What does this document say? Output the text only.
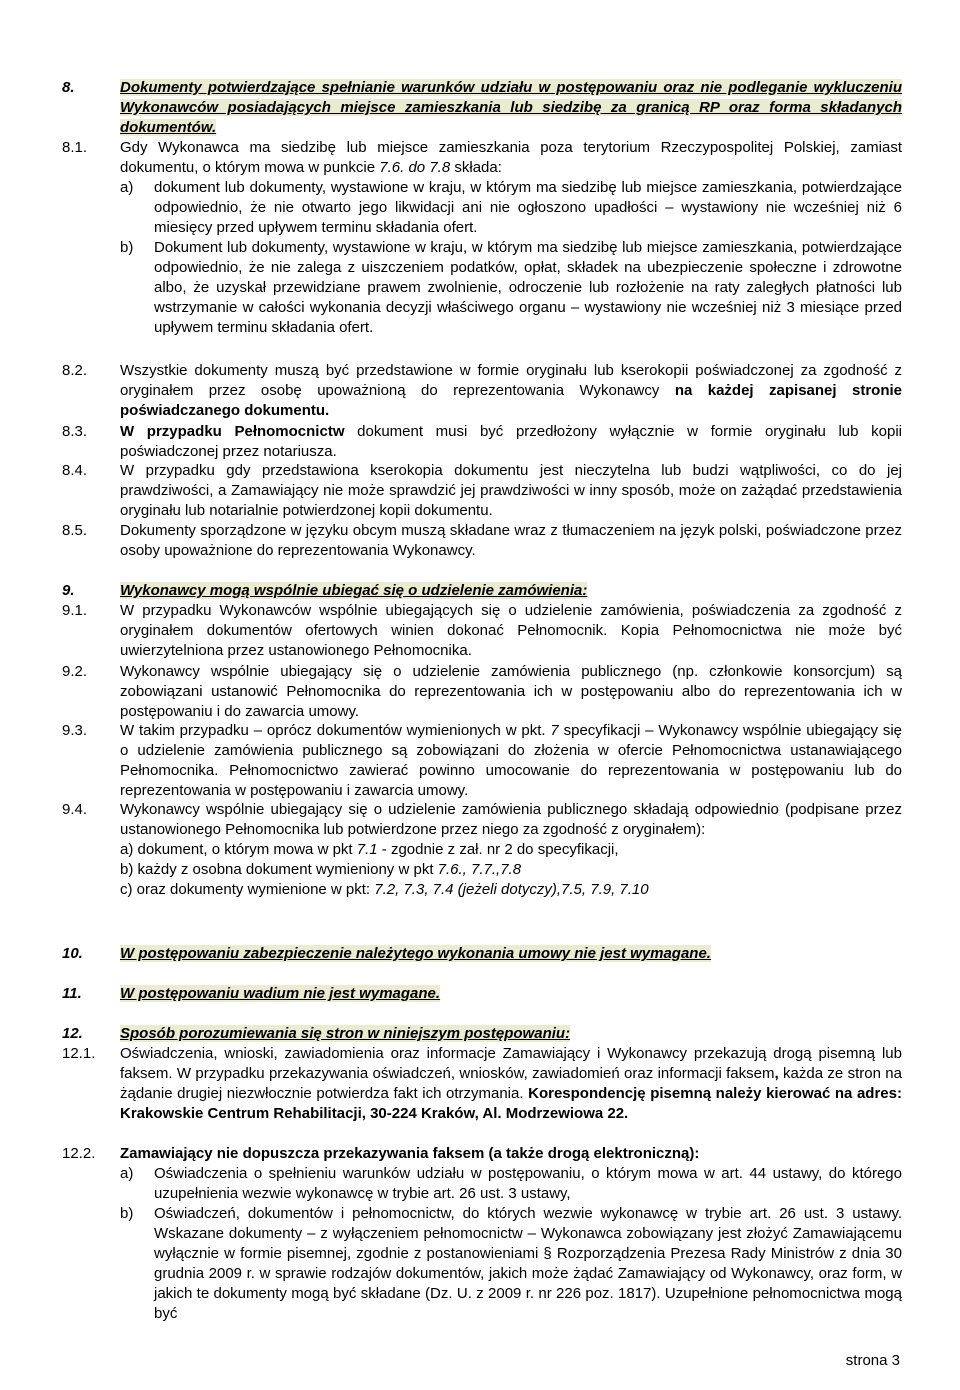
8.	Dokumenty potwierdzające spełnianie warunków udziału w postępowaniu oraz nie podleganie wykluczeniu Wykonawców posiadających miejsce zamieszkania lub siedzibę za granicą RP oraz forma składanych dokumentów.
8.1.	Gdy Wykonawca ma siedzibę lub miejsce zamieszkania poza terytorium Rzeczypospolitej Polskiej, zamiast dokumentu, o którym mowa w punkcie 7.6. do 7.8 składa:
a)	dokument lub dokumenty, wystawione w kraju, w którym ma siedzibę lub miejsce zamieszkania, potwierdzające odpowiednio, że nie otwarto jego likwidacji ani nie ogłoszono upadłości – wystawiony nie wcześniej niż 6 miesięcy przed upływem terminu składania ofert.
b)	Dokument lub dokumenty, wystawione w kraju, w którym ma siedzibę lub miejsce zamieszkania, potwierdzające odpowiednio, że nie zalega z uiszczeniem podatków, opłat, składek na ubezpieczenie społeczne i zdrowotne albo, że uzyskał przewidziane prawem zwolnienie, odroczenie lub rozłożenie na raty zaległych płatności lub wstrzymanie w całości wykonania decyzji właściwego organu – wystawiony nie wcześniej niż 3 miesiące przed upływem terminu składania ofert.
8.2.	Wszystkie dokumenty muszą być przedstawione w formie oryginału lub kserokopii poświadczonej za zgodność z oryginałem przez osobę upoważnioną do reprezentowania Wykonawcy na każdej zapisanej stronie poświadczanego dokumentu.
8.3.	W przypadku Pełnomocnictw dokument musi być przedłożony wyłącznie w formie oryginału lub kopii poświadczonej przez notariusza.
8.4.	W przypadku gdy przedstawiona kserokopia dokumentu jest nieczytelna lub budzi wątpliwości, co do jej prawdziwości, a Zamawiający nie może sprawdzić jej prawdziwości w inny sposób, może on zażądać przedstawienia oryginału lub notarialnie potwierdzonej kopii dokumentu.
8.5.	Dokumenty sporządzone w języku obcym muszą składane wraz z tłumaczeniem na język polski, poświadczone przez osoby upoważnione do reprezentowania Wykonawcy.
9.	Wykonawcy mogą wspólnie ubiegać się o udzielenie zamówienia:
9.1.	W przypadku Wykonawców wspólnie ubiegających się o udzielenie zamówienia, poświadczenia za zgodność z oryginałem dokumentów ofertowych winien dokonać Pełnomocnik. Kopia Pełnomocnictwa nie może być uwierzytelniona przez ustanowionego Pełnomocnika.
9.2.	Wykonawcy wspólnie ubiegający się o udzielenie zamówienia publicznego (np. członkowie konsorcjum) są zobowiązani ustanowić Pełnomocnika do reprezentowania ich w postępowaniu albo do reprezentowania ich w postępowaniu i do zawarcia umowy.
9.3.	W takim przypadku – oprócz dokumentów wymienionych w pkt. 7 specyfikacji – Wykonawcy wspólnie ubiegający się o udzielenie zamówienia publicznego są zobowiązani do złożenia w ofercie Pełnomocnictwa ustanawiającego Pełnomocnika. Pełnomocnictwo zawierać powinno umocowanie do reprezentowania w postępowaniu lub do reprezentowania w postępowaniu i zawarcia umowy.
9.4.	Wykonawcy wspólnie ubiegający się o udzielenie zamówienia publicznego składają odpowiednio (podpisane przez ustanowionego Pełnomocnika lub potwierdzone przez niego za zgodność z oryginałem):
a) dokument, o którym mowa w pkt 7.1 - zgodnie z zał. nr 2 do specyfikacji,
b) każdy z osobna dokument wymieniony w pkt 7.6., 7.7.,7.8
c) oraz dokumenty wymienione w pkt: 7.2, 7.3, 7.4 (jeżeli dotyczy),7.5, 7.9, 7.10
10.	W postępowaniu zabezpieczenie należytego wykonania umowy nie jest wymagane.
11.	W postępowaniu wadium nie jest wymagane.
12.	Sposób porozumiewania się stron w niniejszym postępowaniu:
12.1.	Oświadczenia, wnioski, zawiadomienia oraz informacje Zamawiający i Wykonawcy przekazują drogą pisemną lub faksem. W przypadku przekazywania oświadczeń, wniosków, zawiadomień oraz informacji faksem, każda ze stron na żądanie drugiej niezwłocznie potwierdza fakt ich otrzymania. Korespondencję pisemną należy kierować na adres: Krakowskie Centrum Rehabilitacji, 30-224 Kraków, Al. Modrzewiowa 22.
12.2.	Zamawiający nie dopuszcza przekazywania faksem (a także drogą elektroniczną):
a)	Oświadczenia o spełnieniu warunków udziału w postępowaniu, o którym mowa w art. 44 ustawy, do którego uzupełnienia wezwie wykonawcę w trybie art. 26 ust. 3 ustawy,
b)	Oświadczeń, dokumentów i pełnomocnictw, do których wezwie wykonawcę w trybie art. 26 ust. 3 ustawy. Wskazane dokumenty – z wyłączeniem pełnomocnictw – Wykonawca zobowiązany jest złożyć Zamawiającemu wyłącznie w formie pisemnej, zgodnie z postanowieniami § Rozporządzenia Prezesa Rady Ministrów z dnia 30 grudnia 2009 r. w sprawie rodzajów dokumentów, jakich może żądać Zamawiający od Wykonawcy, oraz form, w jakich te dokumenty mogą być składane (Dz. U. z 2009 r. nr 226 poz. 1817). Uzupełnione pełnomocnictwa mogą być
strona 3
